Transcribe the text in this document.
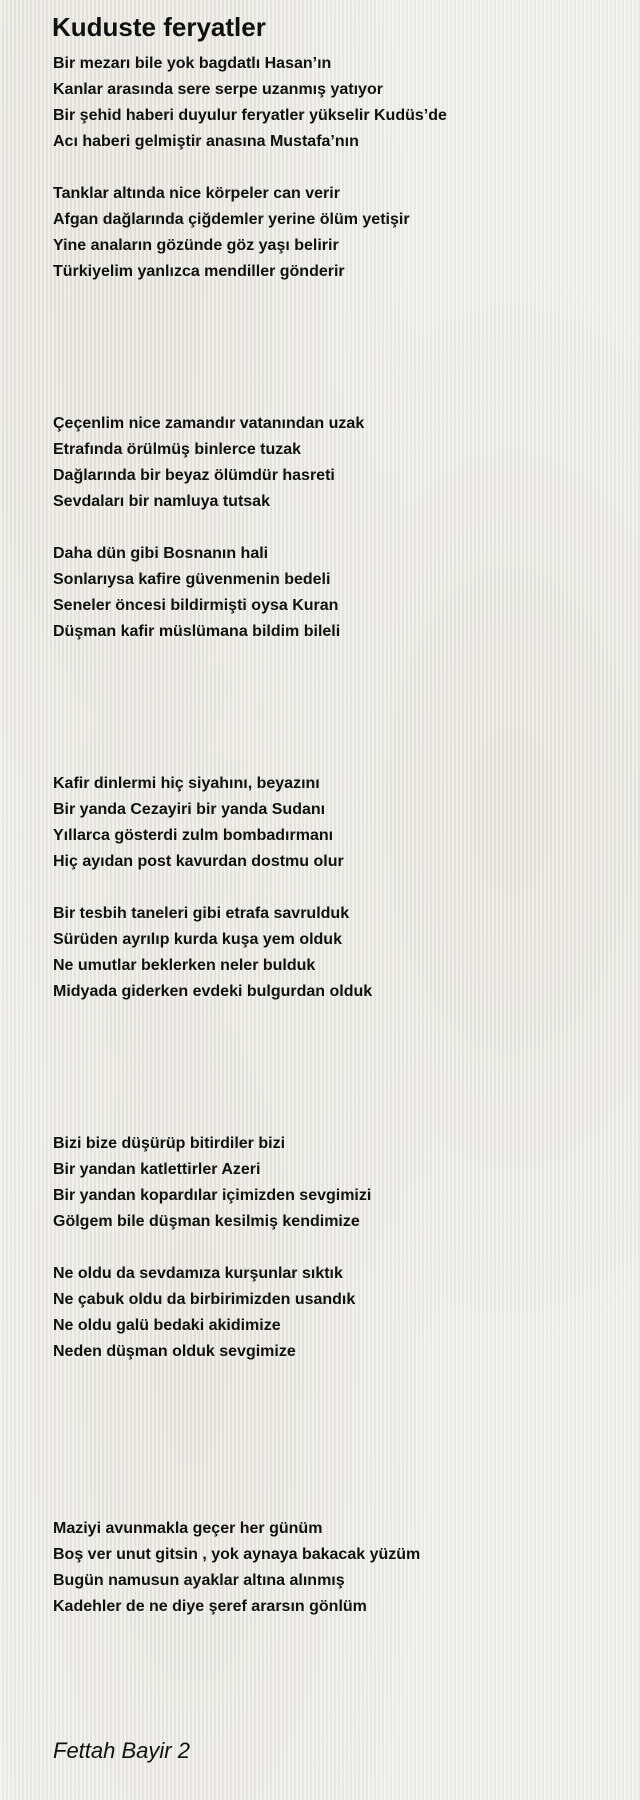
Kuduste feryatler
Bir mezarı bile yok bagdatlı Hasan’ın
Kanlar arasında sere serpe uzanmış yatıyor
Bir şehid haberi duyulur feryatler yükselir Kudüs’de
Acı haberi gelmiştir anasına Mustafa’nın
Tanklar altında nice körpeler can verir
Afgan dağlarında çiğdemler yerine ölüm yetişir
Yine anaların gözünde göz yaşı belirir
Türkiyelim yanlızca mendiller gönderir
Çeçenlim nice zamandır vatanından uzak
Etrafında örülmüş binlerce tuzak
Dağlarında bir beyaz ölümdür hasreti
Sevdaları bir namluya tutsak
Daha dün gibi Bosnanın hali
Sonlarıysa kafire güvenmenin bedeli
Seneler öncesi bildirmişti oysa Kuran
Düşman kafir müslümana bildim bileli
Kafir dinlermi hiç siyahını, beyazını
Bir yanda Cezayiri bir yanda Sudanı
Yıllarca gösterdi zulm bombadırmanı
Hiç ayıdan post kavurdan dostmu olur
Bir tesbih taneleri gibi etrafa savrulduk
Sürüden ayrılıp kurda kuşa yem olduk
Ne umutlar beklerken neler bulduk
Midyada giderken evdeki bulgurdan olduk
Bizi bize düşürüp bitirdiler bizi
Bir yandan katlettirler Azeri
Bir yandan kopardılar içimizden sevgimizi
Gölgem bile düşman kesilmiş kendimize
Ne oldu da sevdamıza kurşunlar sıktık
Ne çabuk oldu da birbirimizden usandık
Ne oldu galü bedaki akidimize
Neden düşman olduk sevgimize
Maziyi avunmakla geçer her günüm
Boş ver unut gitsin , yok aynaya bakacak yüzüm
Bugün namusun ayaklar altına alınmış
Kadehler de ne diye şeref ararsın gönlüm

Fettah Bayir 2
